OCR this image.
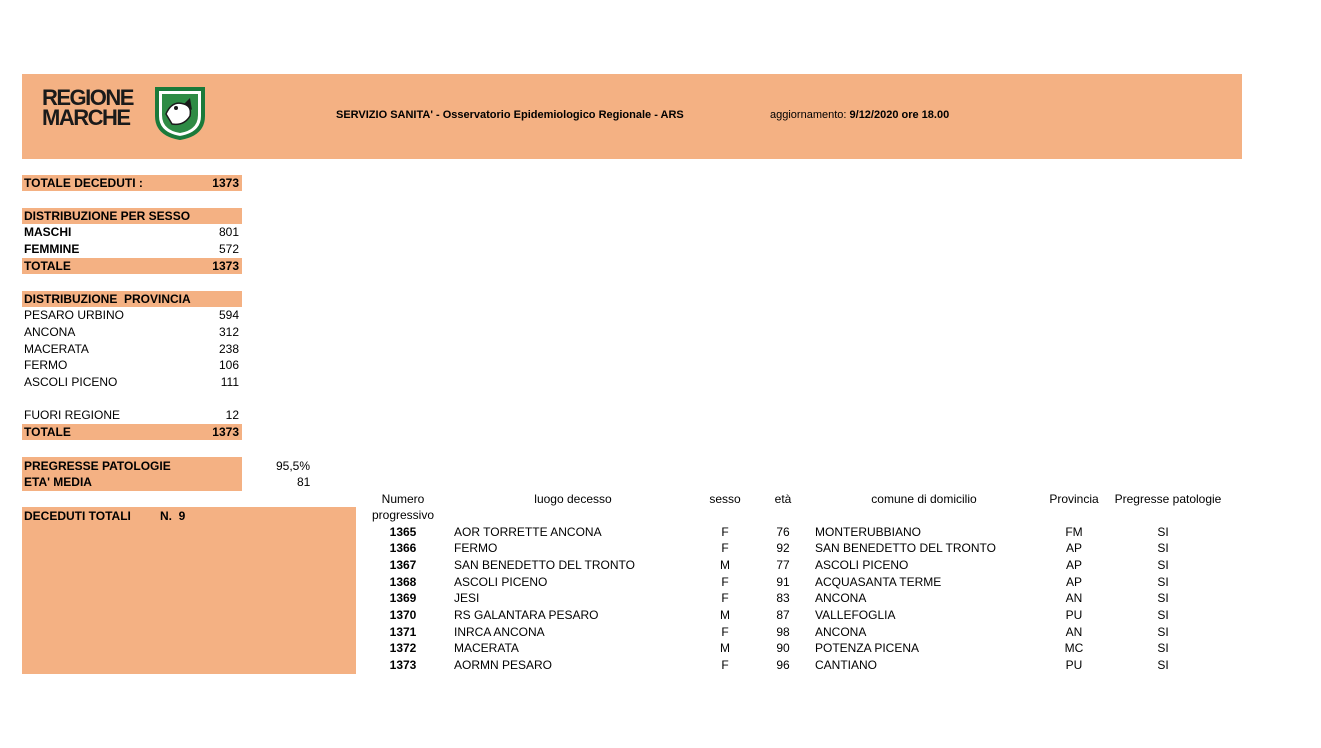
REGIONE
MARCHE	SERVIZIO SANITA' - Osservatorio Epidemiologico Regionale - ARS	aggiornamento: 9/12/2020 ore 18.00
TOTALE DECEDUTI :	1373
DISTRIBUZIONE PER SESSO
MASCHI	801
FEMMINE	572
TOTALE	1373
DISTRIBUZIONE  PROVINCIA
PESARO URBINO	594
ANCONA	312
MACERATA	238
FERMO	106
ASCOLI PICENO	111
FUORI REGIONE	12
TOTALE	1373
PREGRESSE PATOLOGIE	95,5%
ETA' MEDIA	81
DECEDUTI TOTALI N.  9
Numero
progressivo
luogo decesso	sesso	età	comune di domicilio	Provincia	Pregresse patologie
1365	AOR TORRETTE ANCONA	F	76	MONTERUBBIANO	FM	SI
1366	FERMO	F	92	SAN BENEDETTO DEL TRONTO	AP	SI
1367	SAN BENEDETTO DEL TRONTO	M	77	ASCOLI PICENO	AP	SI
1368	ASCOLI PICENO	F	91	ACQUASANTA TERME	AP	SI
1369	JESI	F	83	ANCONA	AN	SI
1370	RS GALANTARA PESARO	M	87	VALLEFOGLIA	PU	SI
1371	INRCA ANCONA	F	98	ANCONA	AN	SI
1372	MACERATA	M	90	POTENZA PICENA	MC	SI
1373	AORMN PESARO	F	96	CANTIANO	PU	SI
